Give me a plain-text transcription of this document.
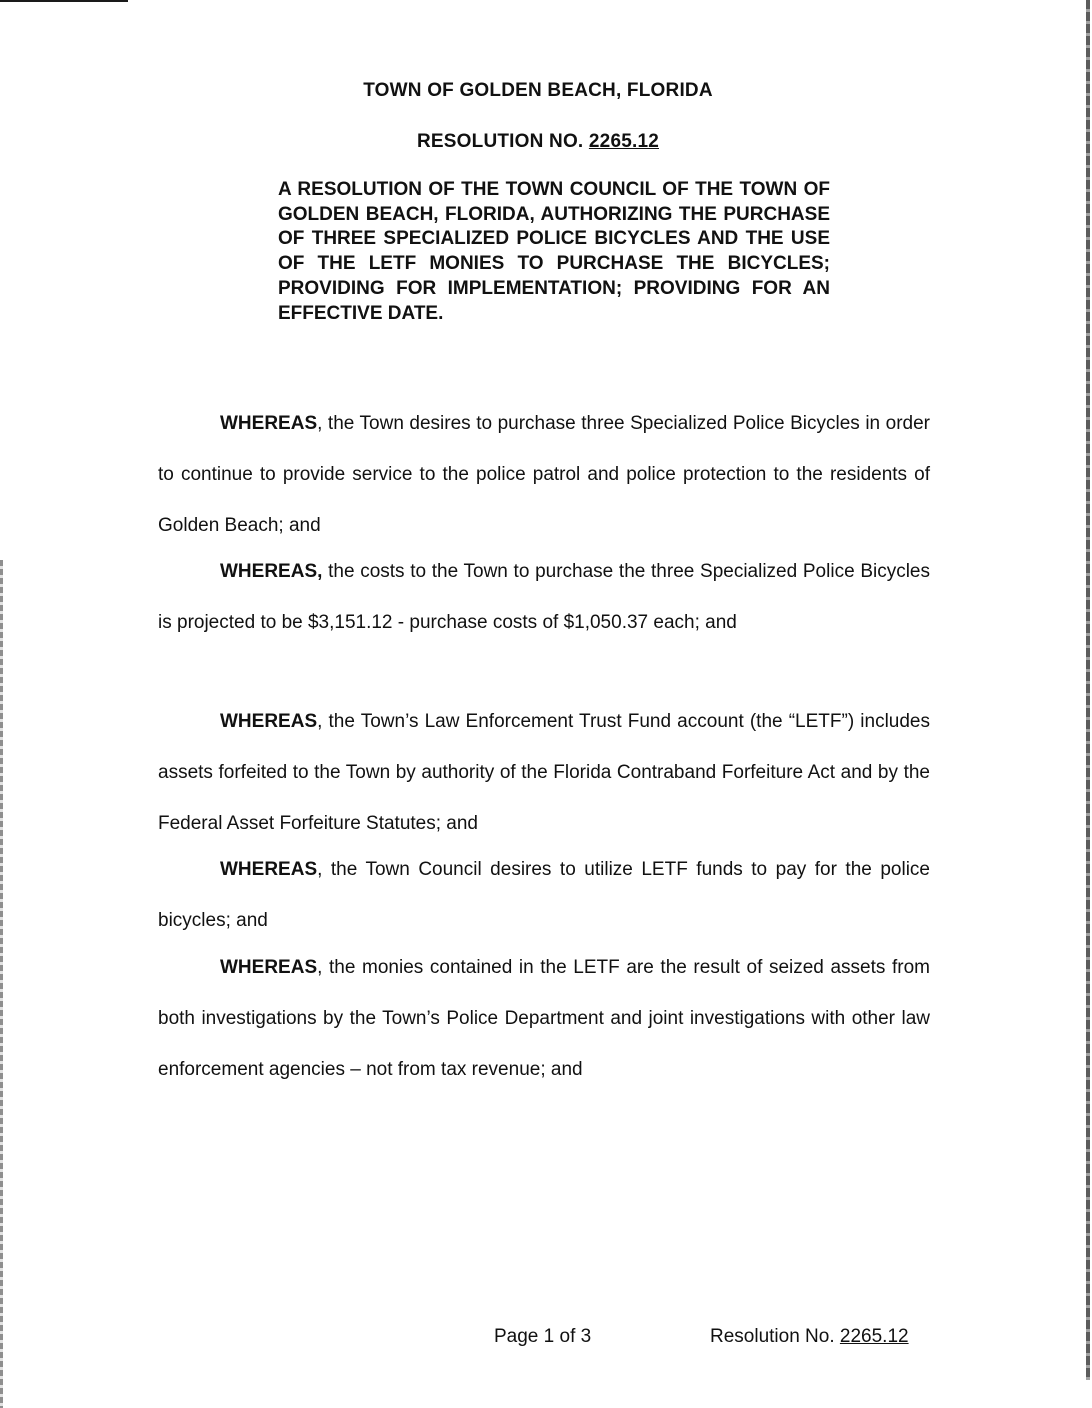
TOWN OF GOLDEN BEACH, FLORIDA
RESOLUTION NO. 2265.12
A RESOLUTION OF THE TOWN COUNCIL OF THE TOWN OF GOLDEN BEACH, FLORIDA, AUTHORIZING THE PURCHASE OF THREE SPECIALIZED POLICE BICYCLES AND THE USE OF THE LETF MONIES TO PURCHASE THE BICYCLES; PROVIDING FOR IMPLEMENTATION; PROVIDING FOR AN EFFECTIVE DATE.
WHEREAS, the Town desires to purchase three Specialized Police Bicycles in order to continue to provide service to the police patrol and police protection to the residents of Golden Beach; and
WHEREAS, the costs to the Town to purchase the three Specialized Police Bicycles is projected to be $3,151.12 - purchase costs of $1,050.37 each; and
WHEREAS, the Town’s Law Enforcement Trust Fund account (the “LETF”) includes assets forfeited to the Town by authority of the Florida Contraband Forfeiture Act and by the Federal Asset Forfeiture Statutes; and
WHEREAS, the Town Council desires to utilize LETF funds to pay for the police bicycles; and
WHEREAS, the monies contained in the LETF are the result of seized assets from both investigations by the Town’s Police Department and joint investigations with other law enforcement agencies – not from tax revenue; and
Page 1 of 3	Resolution No. 2265.12
